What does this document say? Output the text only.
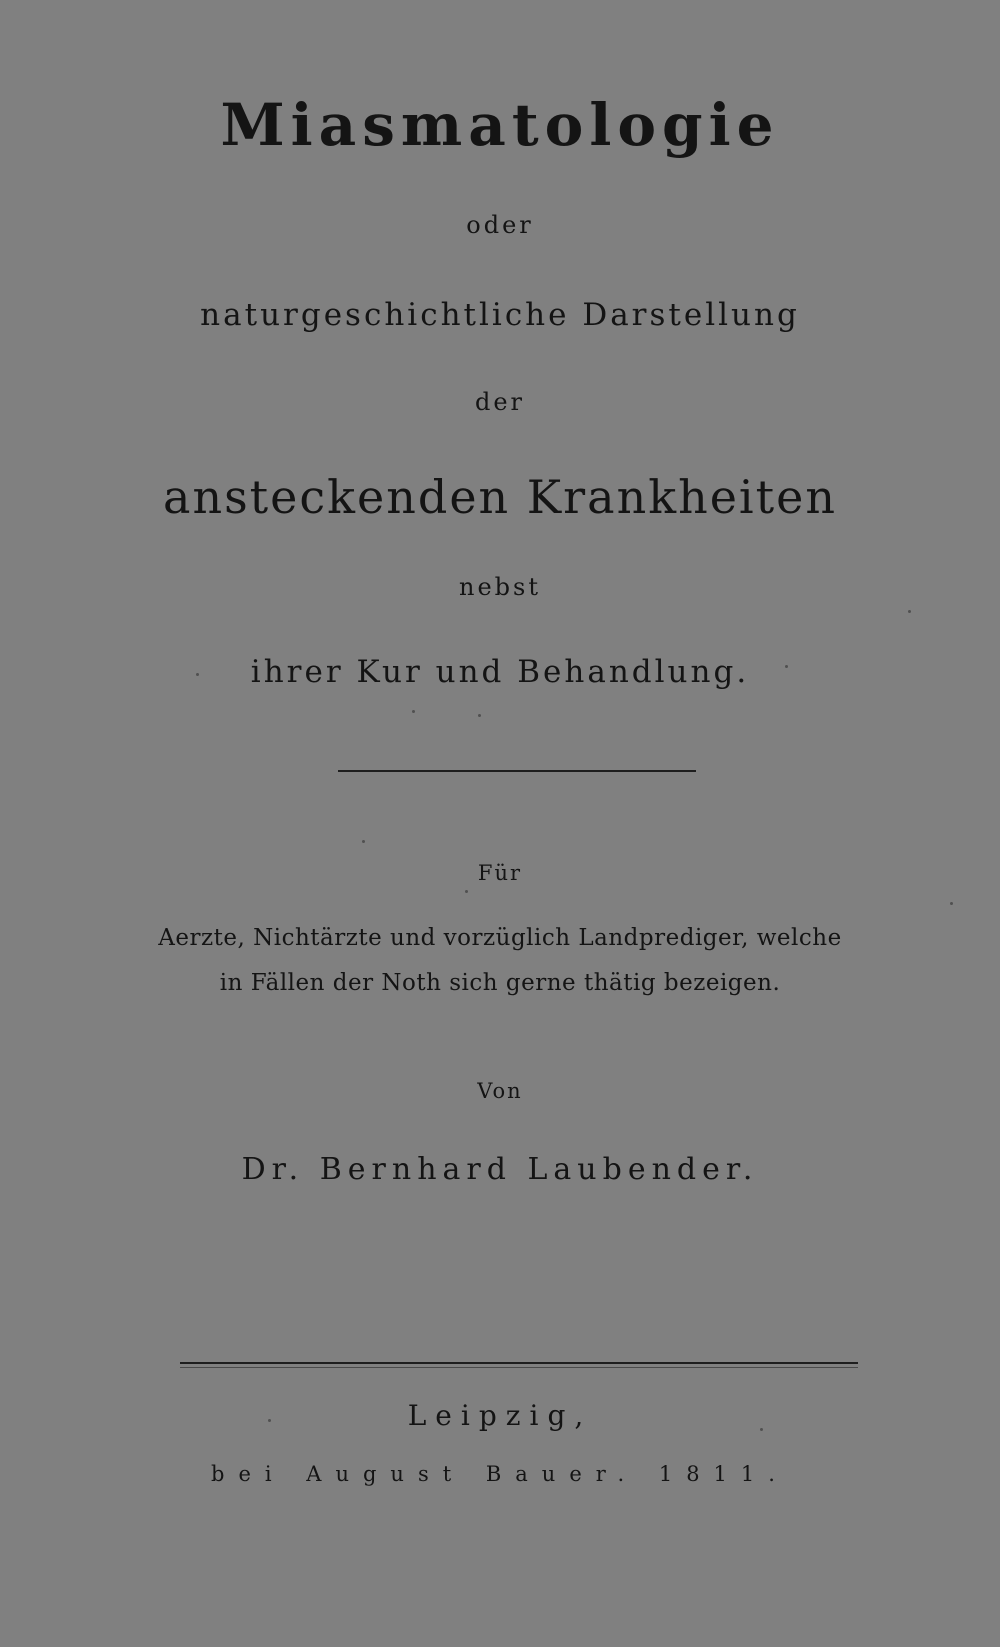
Miasmatologie
oder
naturgeschichtliche Darstellung
der
ansteckenden Krankheiten
nebst
ihrer Kur und Behandlung.
Für
Aerzte, Nichtärzte und vorzüglich Landprediger, welche
in Fällen der Noth sich gerne thätig bezeigen.
Von
Dr. Bernhard Laubender.
Leipzig,
bei August Bauer. 1811.
